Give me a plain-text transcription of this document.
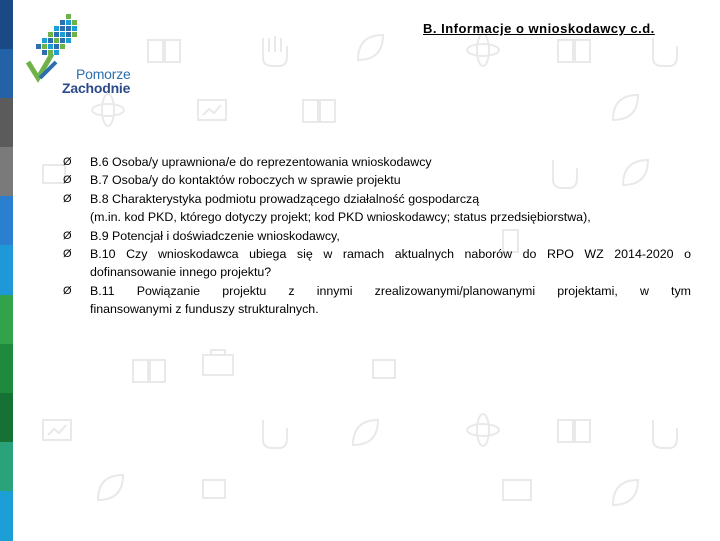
Pomorze
Zachodnie
B. Informacje o wnioskodawcy c.d.
Ø B.6 Osoba/y uprawniona/e do reprezentowania wnioskodawcy
Ø B.7 Osoba/y do kontaktów roboczych w sprawie projektu
Ø B.8 Charakterystyka podmiotu prowadzącego działalność gospodarczą
(m.in. kod PKD, którego dotyczy projekt; kod PKD wnioskodawcy; status przedsiębiorstwa),
Ø B.9 Potencjał i doświadczenie wnioskodawcy,
Ø B.10 Czy wnioskodawca ubiega się w ramach aktualnych naborów do RPO WZ 2014-2020 o
dofinansowanie innego projektu?
Ø B.11 Powiązanie projektu z innymi zrealizowanymi/planowanymi projektami, w tym
finansowanymi z funduszy strukturalnych.
